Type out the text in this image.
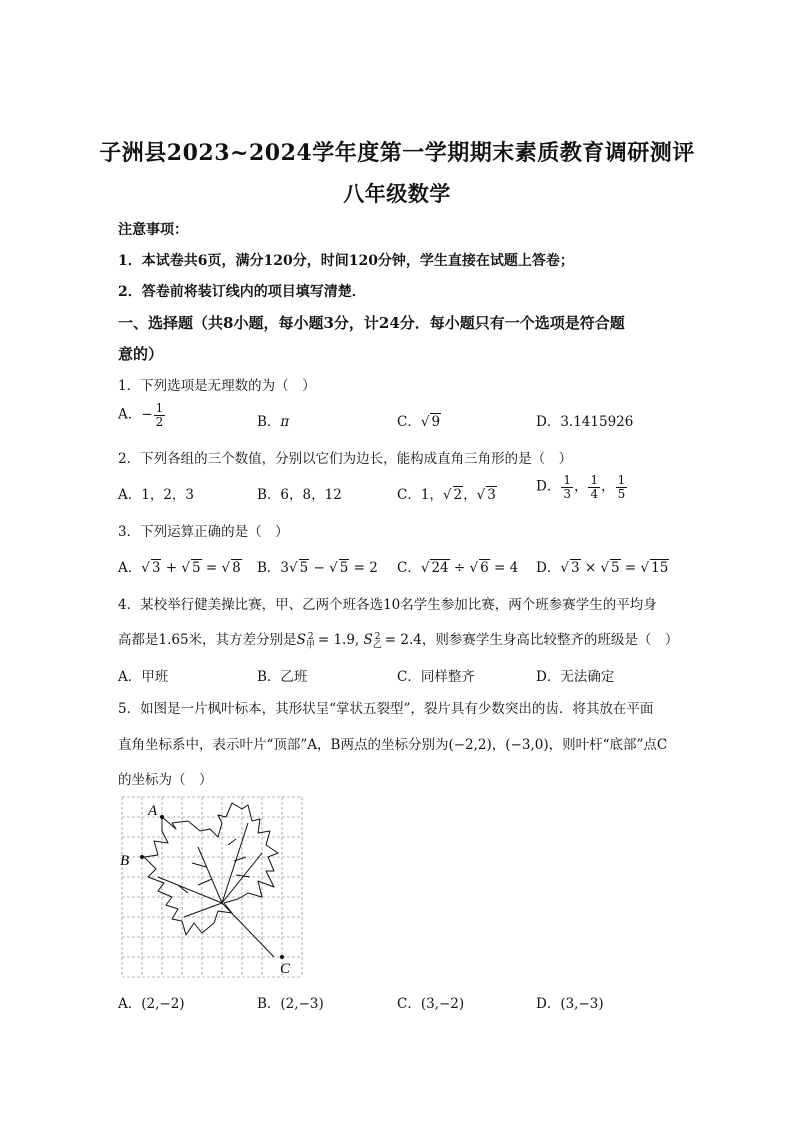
子洲县2023~2024学年度第一学期期末素质教育调研测评
八年级数学
注意事项：
1．本试卷共6页，满分120分，时间120分钟，学生直接在试题上答卷；
2．答卷前将装订线内的项目填写清楚．
一、选择题（共8小题，每小题3分，计24分．每小题只有一个选项是符合题
意的）
1．下列选项是无理数的为（　）
A．− $\frac{1}{2}$	B．π	C．√ 9	D．3.1415926
2．下列各组的三个数值，分别以它们为边长，能构成直角三角形的是（　）
A．1，2，3	B．6，8，12	C．1，√ 2，√ 3
D． $\frac{1}{3}$ ， $\frac{1}{4}$ ， $\frac{1}{5}$
3．下列运算正确的是（　）
A．√ 3 + √ 5 = √ 8 B．3√ 5 − √ 5 = 2 C．√ 24 ÷ √ 6 = 4 D．√ 3 × √ 5 = √ 15
4．某校举行健美操比赛，甲、乙两个班各选10名学生参加比赛，两个班参赛学生的平均身
高都是1.65米，其方差分别是$S_甲^2 = 1.9$, $S_乙^2 = 2.4$，则参赛学生身高比较整齐的班级是（　）
A．甲班	B．乙班	C．同样整齐	D．无法确定
5．如图是一片枫叶标本，其形状呈“掌状五裂型”，裂片具有少数突出的齿．将其放在平面
直角坐标系中，表示叶片“顶部”A，B两点的坐标分别为(−2,2)，(−3,0)，则叶杆“底部”点C
的坐标为（　）
A
B
C
A．(2,−2)	B．(2,−3)	C．(3,−2)	D．(3,−3)
